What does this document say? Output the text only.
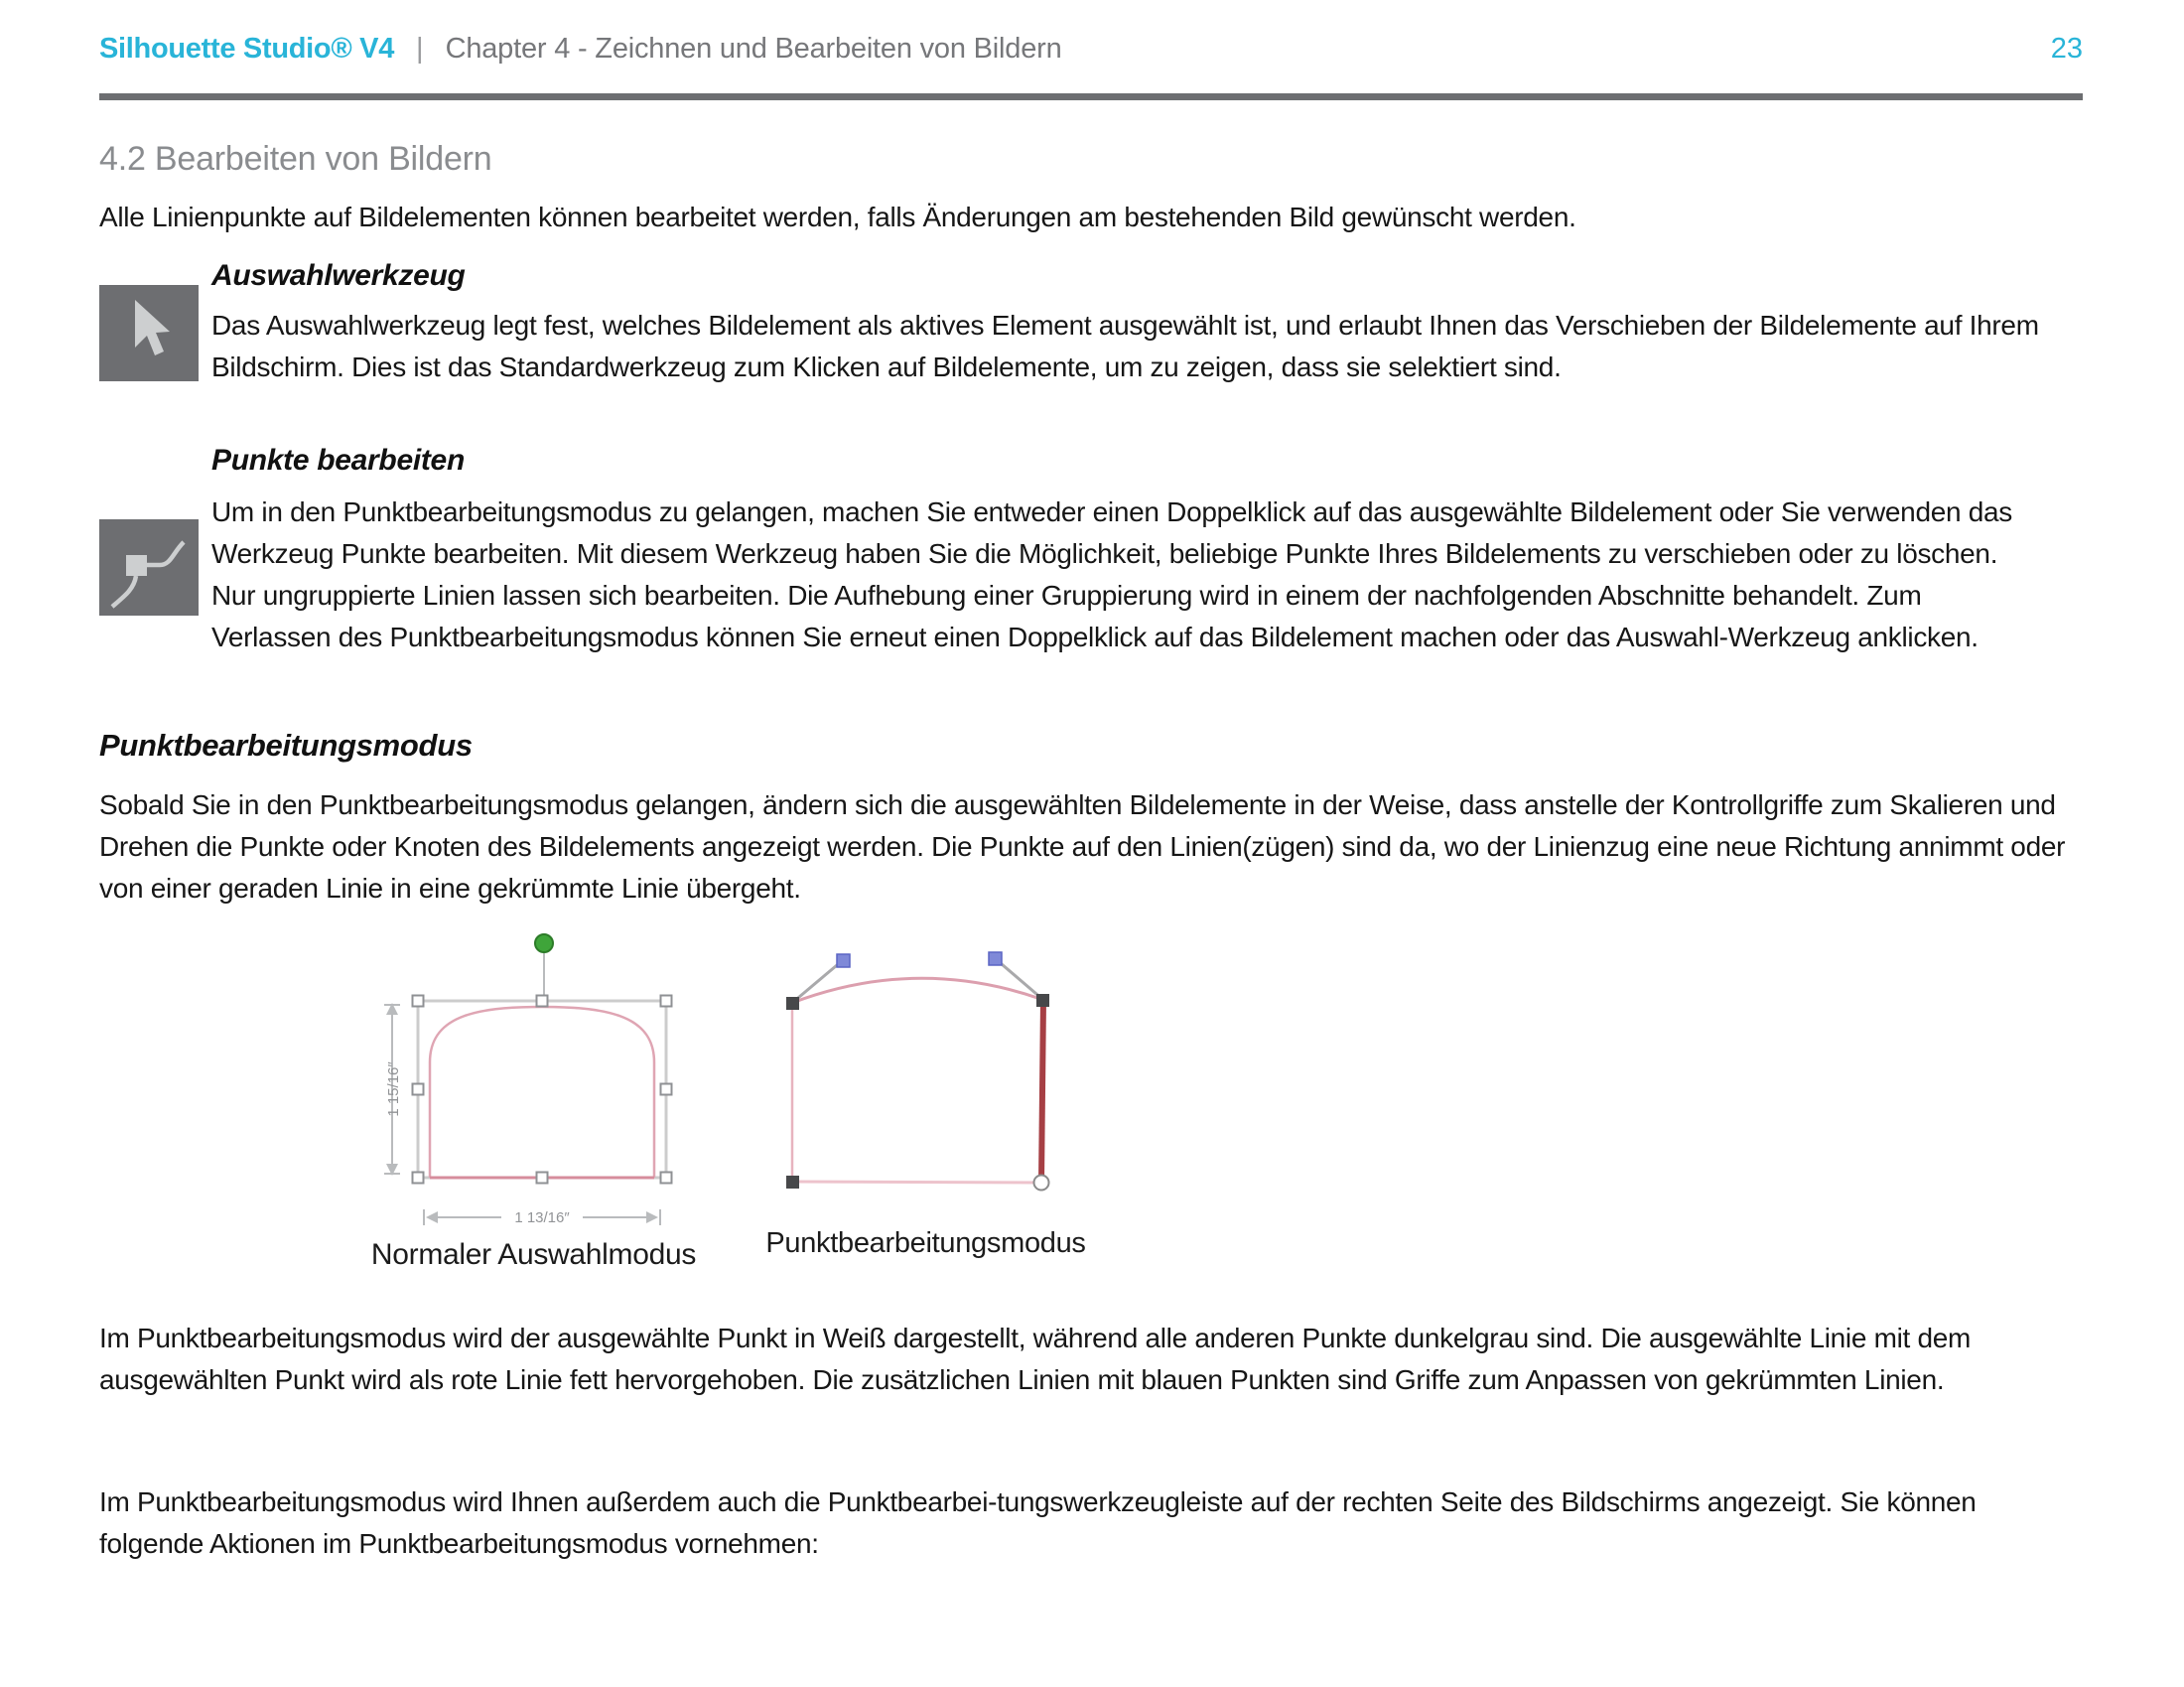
Silhouette Studio® V4 | Chapter 4 - Zeichnen und Bearbeiten von Bildern	23
4.2 Bearbeiten von Bildern
Alle Linienpunkte auf Bildelementen können bearbeitet werden, falls Änderungen am bestehenden Bild gewünscht werden.
Auswahlwerkzeug
Das Auswahlwerkzeug legt fest, welches Bildelement als aktives Element ausgewählt ist, und erlaubt Ihnen das Verschieben der Bildelemente auf Ihrem Bildschirm. Dies ist das Standardwerkzeug zum Klicken auf Bildelemente, um zu zeigen, dass sie selektiert sind.
Punkte bearbeiten
Um in den Punktbearbeitungsmodus zu gelangen, machen Sie entweder einen Doppelklick auf das ausgewählte Bildelement oder Sie verwenden das Werkzeug Punkte bearbeiten. Mit diesem Werkzeug haben Sie die Möglichkeit, beliebige Punkte Ihres Bildelements zu verschieben oder zu löschen. Nur ungruppierte Linien lassen sich bearbeiten. Die Aufhebung einer Gruppierung wird in einem der nachfolgenden Abschnitte behandelt. Zum Verlassen des Punktbearbeitungsmodus können Sie erneut einen Doppelklick auf das Bildelement machen oder das Auswahl-Werkzeug anklicken.
Punktbearbeitungsmodus
Sobald Sie in den Punktbearbeitungsmodus gelangen, ändern sich die ausgewählten Bildelemente in der Weise, dass anstelle der Kontrollgriffe zum Skalieren und Drehen die Punkte oder Knoten des Bildelements angezeigt werden. Die Punkte auf den Linien(zügen) sind da, wo der Linienzug eine neue Richtung annimmt oder von einer geraden Linie in eine gekrümmte Linie übergeht.
1 15/16″
1 13/16″
Normaler Auswahlmodus	Punktbearbeitungsmodus
Im Punktbearbeitungsmodus wird der ausgewählte Punkt in Weiß dargestellt, während alle anderen Punkte dunkelgrau sind. Die ausgewählte Linie mit dem ausgewählten Punkt wird als rote Linie fett hervorgehoben. Die zusätzlichen Linien mit blauen Punkten sind Griffe zum Anpassen von gekrümmten Linien.
Im Punktbearbeitungsmodus wird Ihnen außerdem auch die Punktbearbei-tungswerkzeugleiste auf der rechten Seite des Bildschirms angezeigt. Sie können folgende Aktionen im Punktbearbeitungsmodus vornehmen:
